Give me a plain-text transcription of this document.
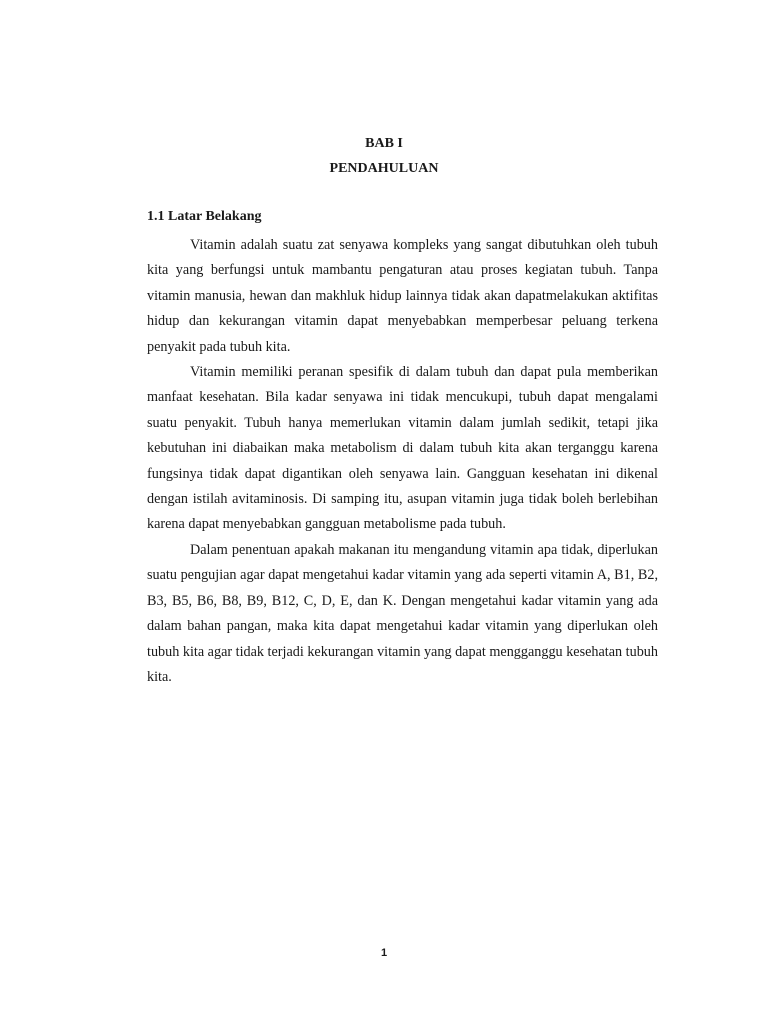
BAB I
PENDAHULUAN
1.1 Latar Belakang

Vitamin adalah suatu zat senyawa kompleks yang sangat dibutuhkan oleh tubuh kita yang berfungsi untuk mambantu pengaturan atau proses kegiatan tubuh. Tanpa vitamin manusia, hewan dan makhluk hidup lainnya tidak akan dapatmelakukan aktifitas hidup dan kekurangan vitamin dapat menyebabkan memperbesar peluang terkena penyakit pada tubuh kita.

Vitamin memiliki peranan spesifik di dalam tubuh dan dapat pula memberikan manfaat kesehatan. Bila kadar senyawa ini tidak mencukupi, tubuh dapat mengalami suatu penyakit. Tubuh hanya memerlukan vitamin dalam jumlah sedikit, tetapi jika kebutuhan ini diabaikan maka metabolism di dalam tubuh kita akan terganggu karena fungsinya tidak dapat digantikan oleh senyawa lain. Gangguan kesehatan ini dikenal dengan istilah avitaminosis. Di samping itu, asupan vitamin juga tidak boleh berlebihan karena dapat menyebabkan gangguan metabolisme pada tubuh.

Dalam penentuan apakah makanan itu mengandung vitamin apa tidak, diperlukan suatu pengujian agar dapat mengetahui kadar vitamin yang ada seperti vitamin A, B1, B2, B3, B5, B6, B8, B9, B12, C, D, E, dan K. Dengan mengetahui kadar vitamin yang ada dalam bahan pangan, maka kita dapat mengetahui kadar vitamin yang diperlukan oleh tubuh kita agar tidak terjadi kekurangan vitamin yang dapat mengganggu kesehatan tubuh kita.

1
